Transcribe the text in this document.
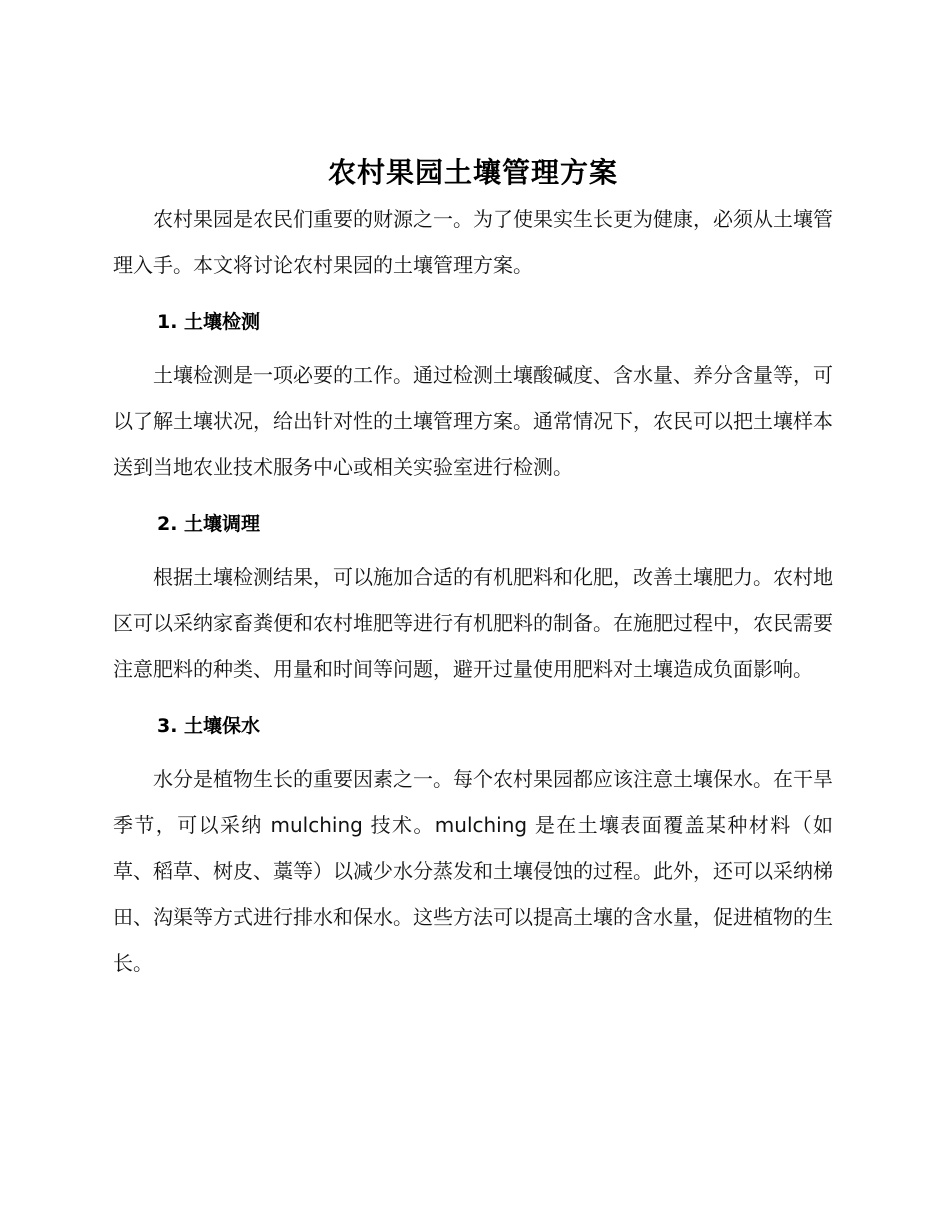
农村果园土壤管理方案

农村果园是农民们重要的财源之一。为了使果实生长更为健康，必须从土壤管理入手。本文将讨论农村果园的土壤管理方案。

1. 土壤检测

土壤检测是一项必要的工作。通过检测土壤酸碱度、含水量、养分含量等，可以了解土壤状况，给出针对性的土壤管理方案。通常情况下，农民可以把土壤样本送到当地农业技术服务中心或相关实验室进行检测。

2. 土壤调理

根据土壤检测结果，可以施加合适的有机肥料和化肥，改善土壤肥力。农村地区可以采纳家畜粪便和农村堆肥等进行有机肥料的制备。在施肥过程中，农民需要注意肥料的种类、用量和时间等问题，避开过量使用肥料对土壤造成负面影响。

3. 土壤保水

水分是植物生长的重要因素之一。每个农村果园都应该注意土壤保水。在干旱季节，可以采纳 mulching 技术。mulching 是在土壤表面覆盖某种材料（如草、稻草、树皮、藁等）以减少水分蒸发和土壤侵蚀的过程。此外，还可以采纳梯田、沟渠等方式进行排水和保水。这些方法可以提高土壤的含水量，促进植物的生长。
